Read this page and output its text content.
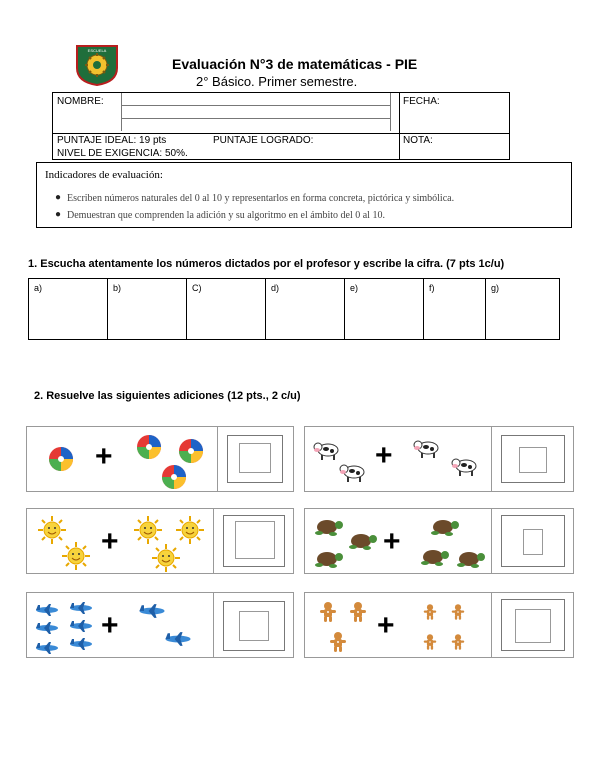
ESCUELA
Evaluación N°3 de matemáticas - PIE
2° Básico. Primer semestre.
NOMBRE:	FECHA:
PUNTAJE IDEAL: 19 pts	PUNTAJE LOGRADO:
NIVEL DE EXIGENCIA: 50%.
NOTA:
Indicadores de evaluación:
● Escriben números naturales del 0 al 10 y representarlos en forma concreta, pictórica y simbólica.
● Demuestran que comprenden la adición y su algoritmo en el ámbito del 0 al 10.
1. Escucha atentamente los números dictados por el profesor y escribe la cifra. (7 pts 1c/u)
a)	b)	C)	d)	e)	f)	g)
2. Resuelve las siguientes adiciones (12 pts., 2 c/u)
+	+
+	+
+	+
